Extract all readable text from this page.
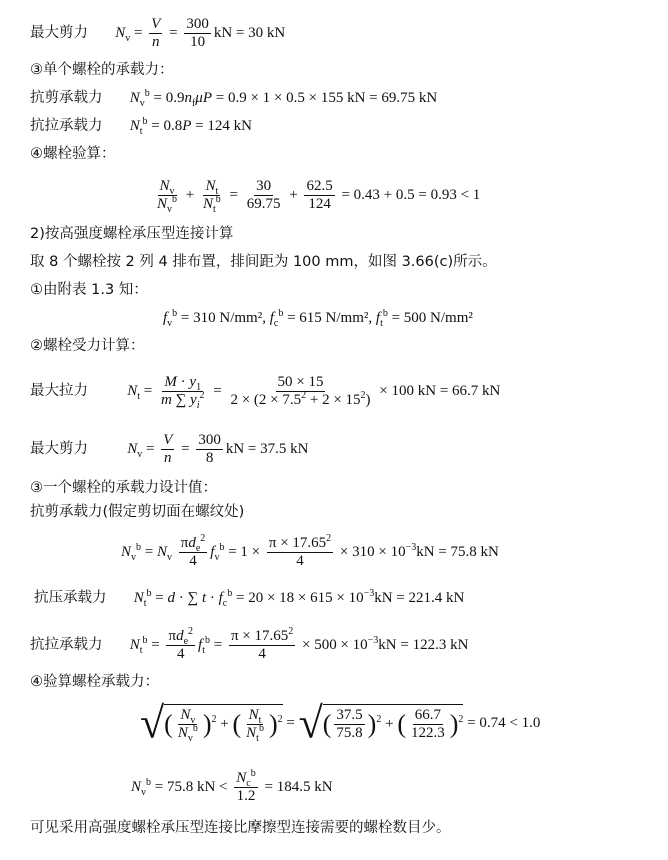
最大剪力 $N_v = \frac{V}{n} = \frac{300}{10}$ kN = 30 kN
③单个螺栓的承载力：
抗剪承载力 $N_v^b = 0.9n_f\mu P = 0.9 \times 1 \times 0.5 \times 155$ kN = 69.75 kN
抗拉承载力 $N_t^b = 0.8P = 124$ kN
④螺栓验算：
$\frac{N_v}{N_v^b} + \frac{N_t}{N_t^b} = \frac{30}{69.75} + \frac{62.5}{124} = 0.43 + 0.5 = 0.93 < 1$
2)按高强度螺栓承压型连接计算
取 8 个螺栓按 2 列 4 排布置，排间距为 100 mm，如图 3.66(c)所示。
①由附表 1.3 知：
$f_v^b = 310$ N/mm², $f_c^b = 615$ N/mm², $f_t^b = 500$ N/mm²
②螺栓受力计算：
最大拉力	$N_t = \frac{M \cdot y_1}{m \sum y_i^2} = \frac{50 \times 15}{2 \times (2 \times 7.5^2 + 2 \times 15^2)} \times 100$ kN = 66.7 kN
最大剪力	$N_v = \frac{V}{n} = \frac{300}{8}$ kN = 37.5 kN
③一个螺栓的承载力设计值：
抗剪承载力(假定剪切面在螺纹处)
$N_v^b = N_v \frac{\pi d_e^2}{4} f_v^b = 1 \times \frac{\pi \times 17.65^2}{4} \times 310 \times 10^{-3}kN = 75.8$ kN
抗压承载力 $N_t^b = d$ · ∑ $t \cdot f_c^b = 20 \times 18 \times 615 \times 10^{-3}kN = 221.4$ kN
抗拉承载力 $N_t^b = \frac{\pi d_e^2}{4} f_t^b = \frac{\pi \times 17.65^2}{4} \times 500 \times 10^{-3}kN = 122.3$ kN
④验算螺栓承载力：
√( $\frac{N_v}{N_v^b} )^2$ + ( $\frac{N_t}{N_t^b} )^2$ = √( $\frac{37.5}{75.8} )^2$ + ( $\frac{66.7}{122.3} )^2 = 0.74 < 1.0$
$N_v^b = 75.8$ kN < $\frac{N_c^b}{1.2} = 184.5$ kN
可见采用高强度螺栓承压型连接比摩擦型连接需要的螺栓数目少。
